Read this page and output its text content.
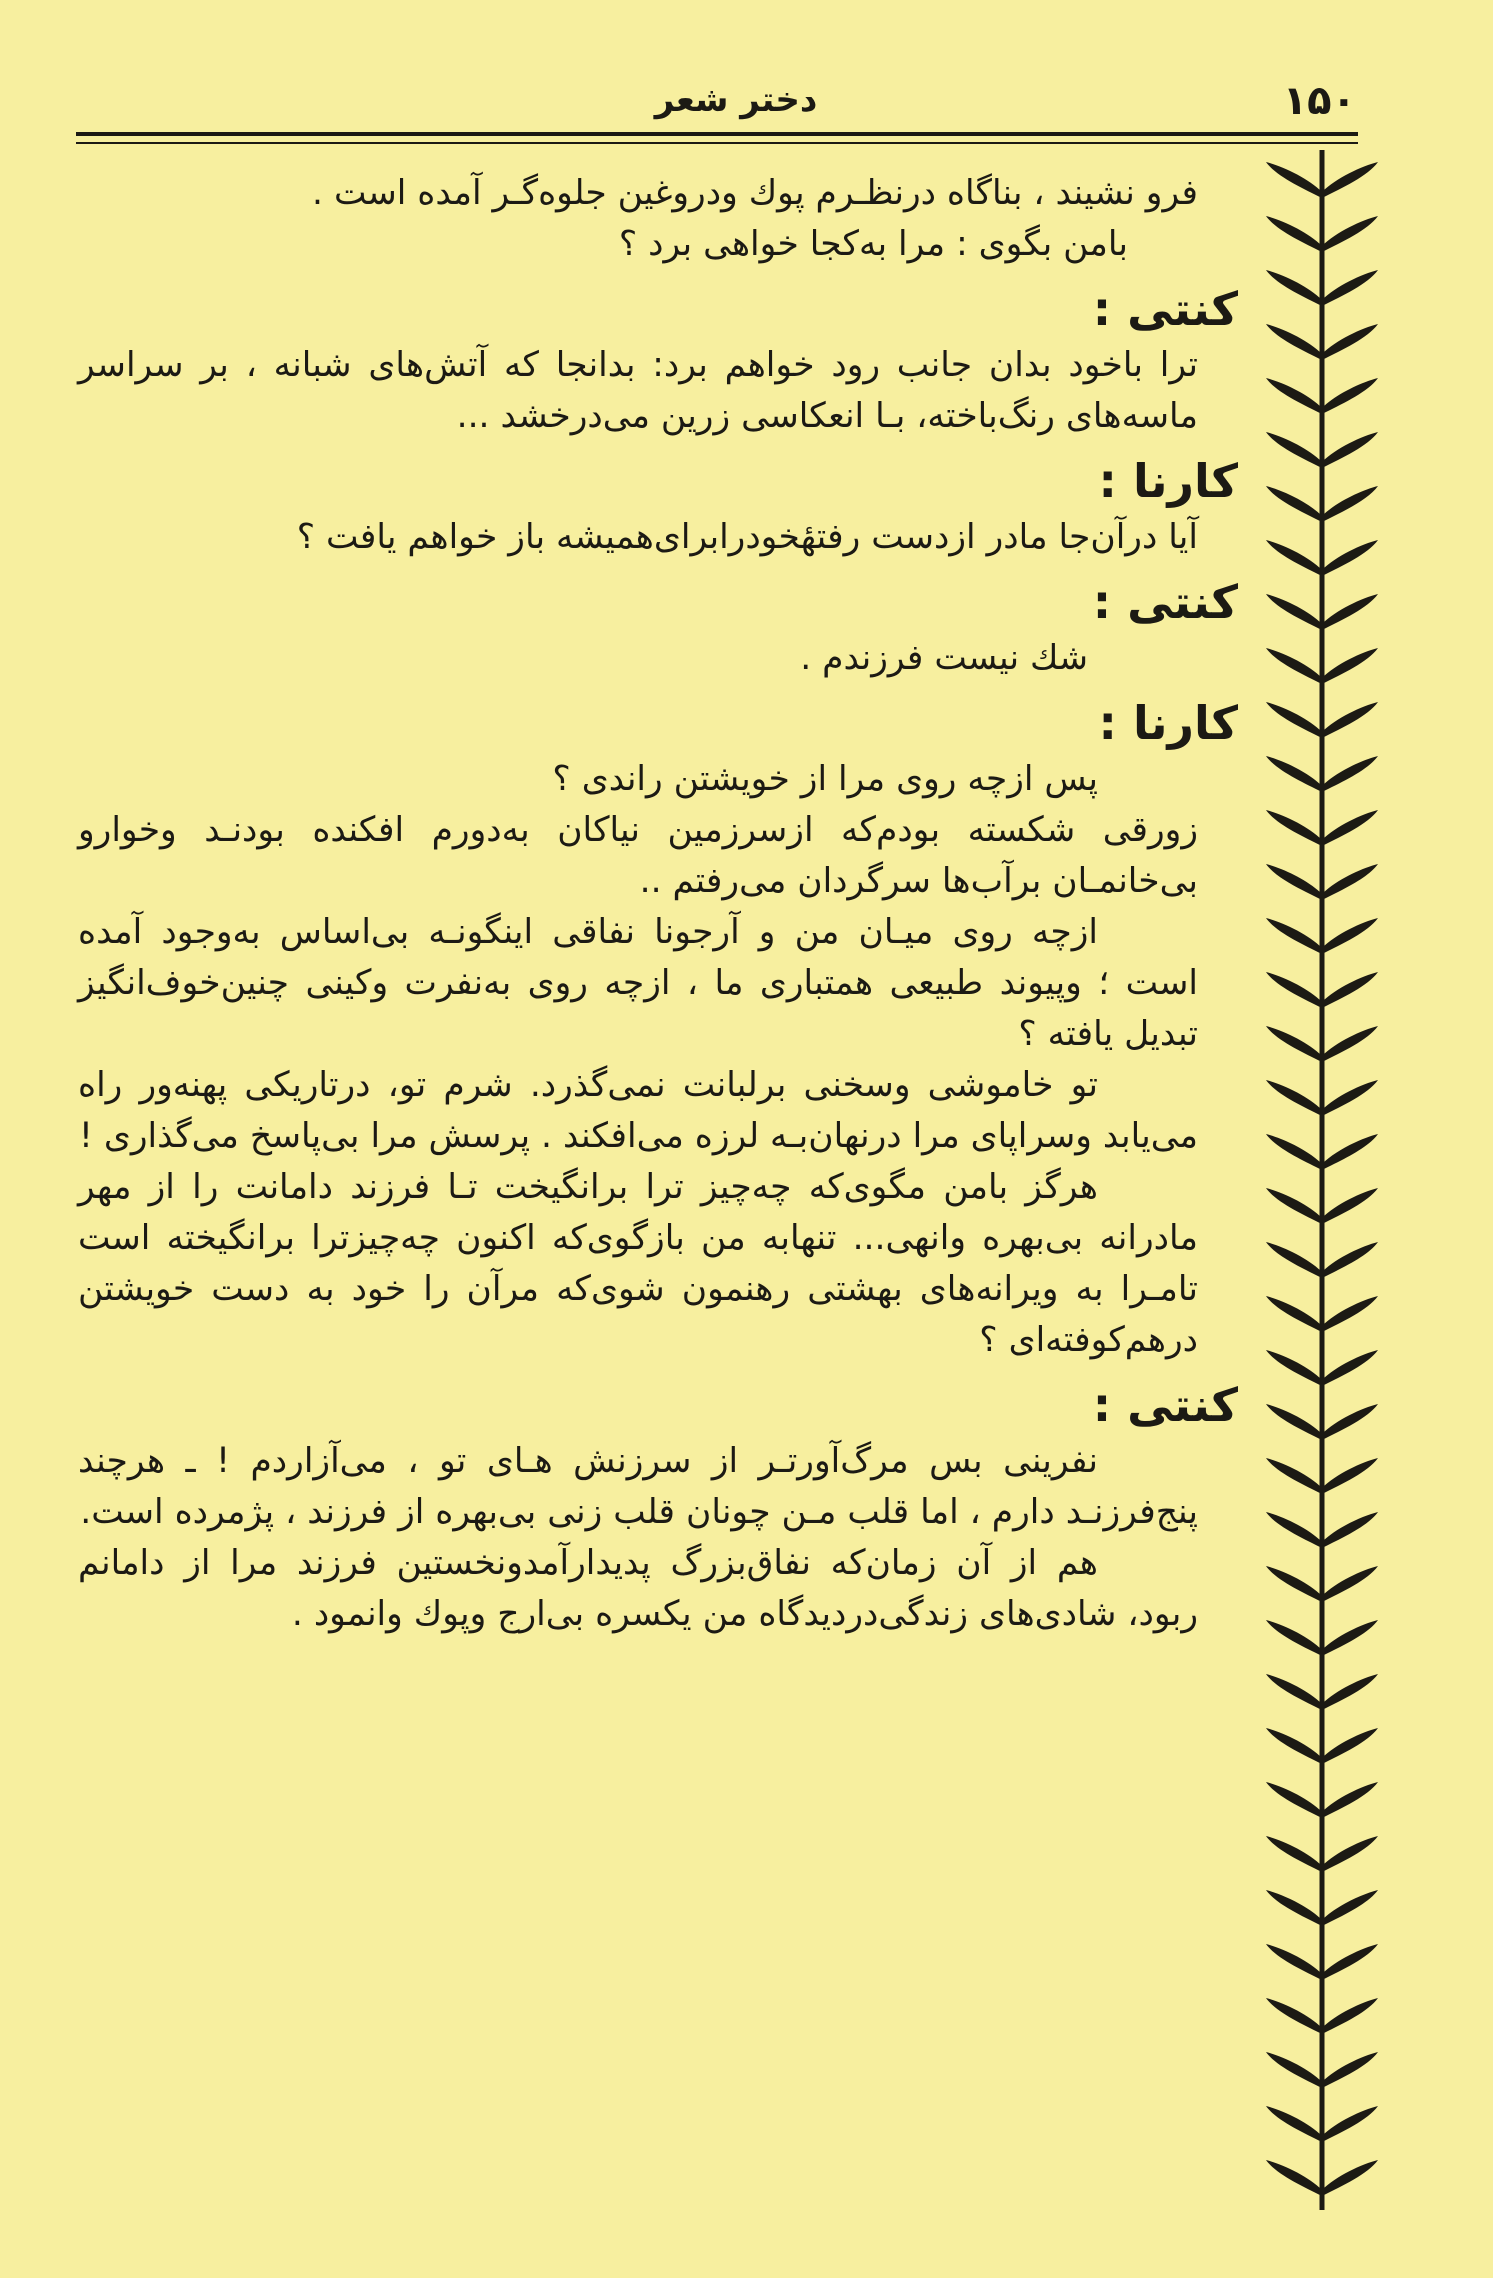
۱۵۰
دختر شعر

فرو نشیند ، بناگاه درنظـرم پوك ودروغین جلوه‌گـر آمده است .

بامن بگوی : مرا به‌کجا خواهی برد ؟

کنتی :

ترا باخود بدان جانب رود خواهم برد: بدانجا که آتش‌های شبانه ، بر سراسر ماسه‌های رنگ‌باخته، بـا انعکاسی زرین می‌درخشد ...

کارنا :

آیا درآن‌جا مادر ازدست رفتهٔخودرابرای‌همیشه باز خواهم یافت ؟

کنتی :

شك نیست فرزندم .

کارنا :

پس ازچه روی مرا از خویشتن راندی ؟

زورقی شکسته بودم‌که ازسرزمین نیاکان به‌دورم افکنده بودنـد وخوارو بی‌خانمـان برآب‌ها سرگردان می‌رفتم ..

ازچه روی میـان من و آرجونا نفاقی اینگونـه بی‌اساس به‌وجود آمده است ؛ وپیوند طبیعی همتباری ما ، ازچه روی به‌نفرت وکینی چنین‌خوف‌انگیز تبدیل یافته ؟

تو خاموشی وسخنی برلبانت نمی‌گذرد. شرم تو، درتاریکی پهنه‌ور راه می‌یابد وسراپای مرا درنهان‌بـه لرزه می‌افکند . پرسش مرا بی‌پاسخ می‌گذاری !

هرگز بامن مگوی‌که چه‌چیز ترا برانگیخت تـا فرزند دامانت را از مهر مادرانه بی‌بهره وانهی... تنهابه من بازگوی‌که اکنون چه‌چیزترا برانگیخته است تامـرا به ویرانه‌های بهشتی رهنمون شوی‌که مرآن را خود به دست خویشتن درهم‌کوفته‌ای ؟

کنتی :

نفرینی بس مرگ‌آورتـر از سرزنش هـای تو ، می‌آزاردم ! ـ هرچند پنج‌فرزنـد دارم ، اما قلب مـن چونان قلب زنی بی‌بهره از فرزند ، پژمرده است.

هم از آن زمان‌که نفاق‌بزرگ پدیدارآمدونخستین فرزند مرا از دامانم ربود، شادی‌های زندگی‌درد‌یدگاه من یکسره بی‌ارج وپوك وانمود .
